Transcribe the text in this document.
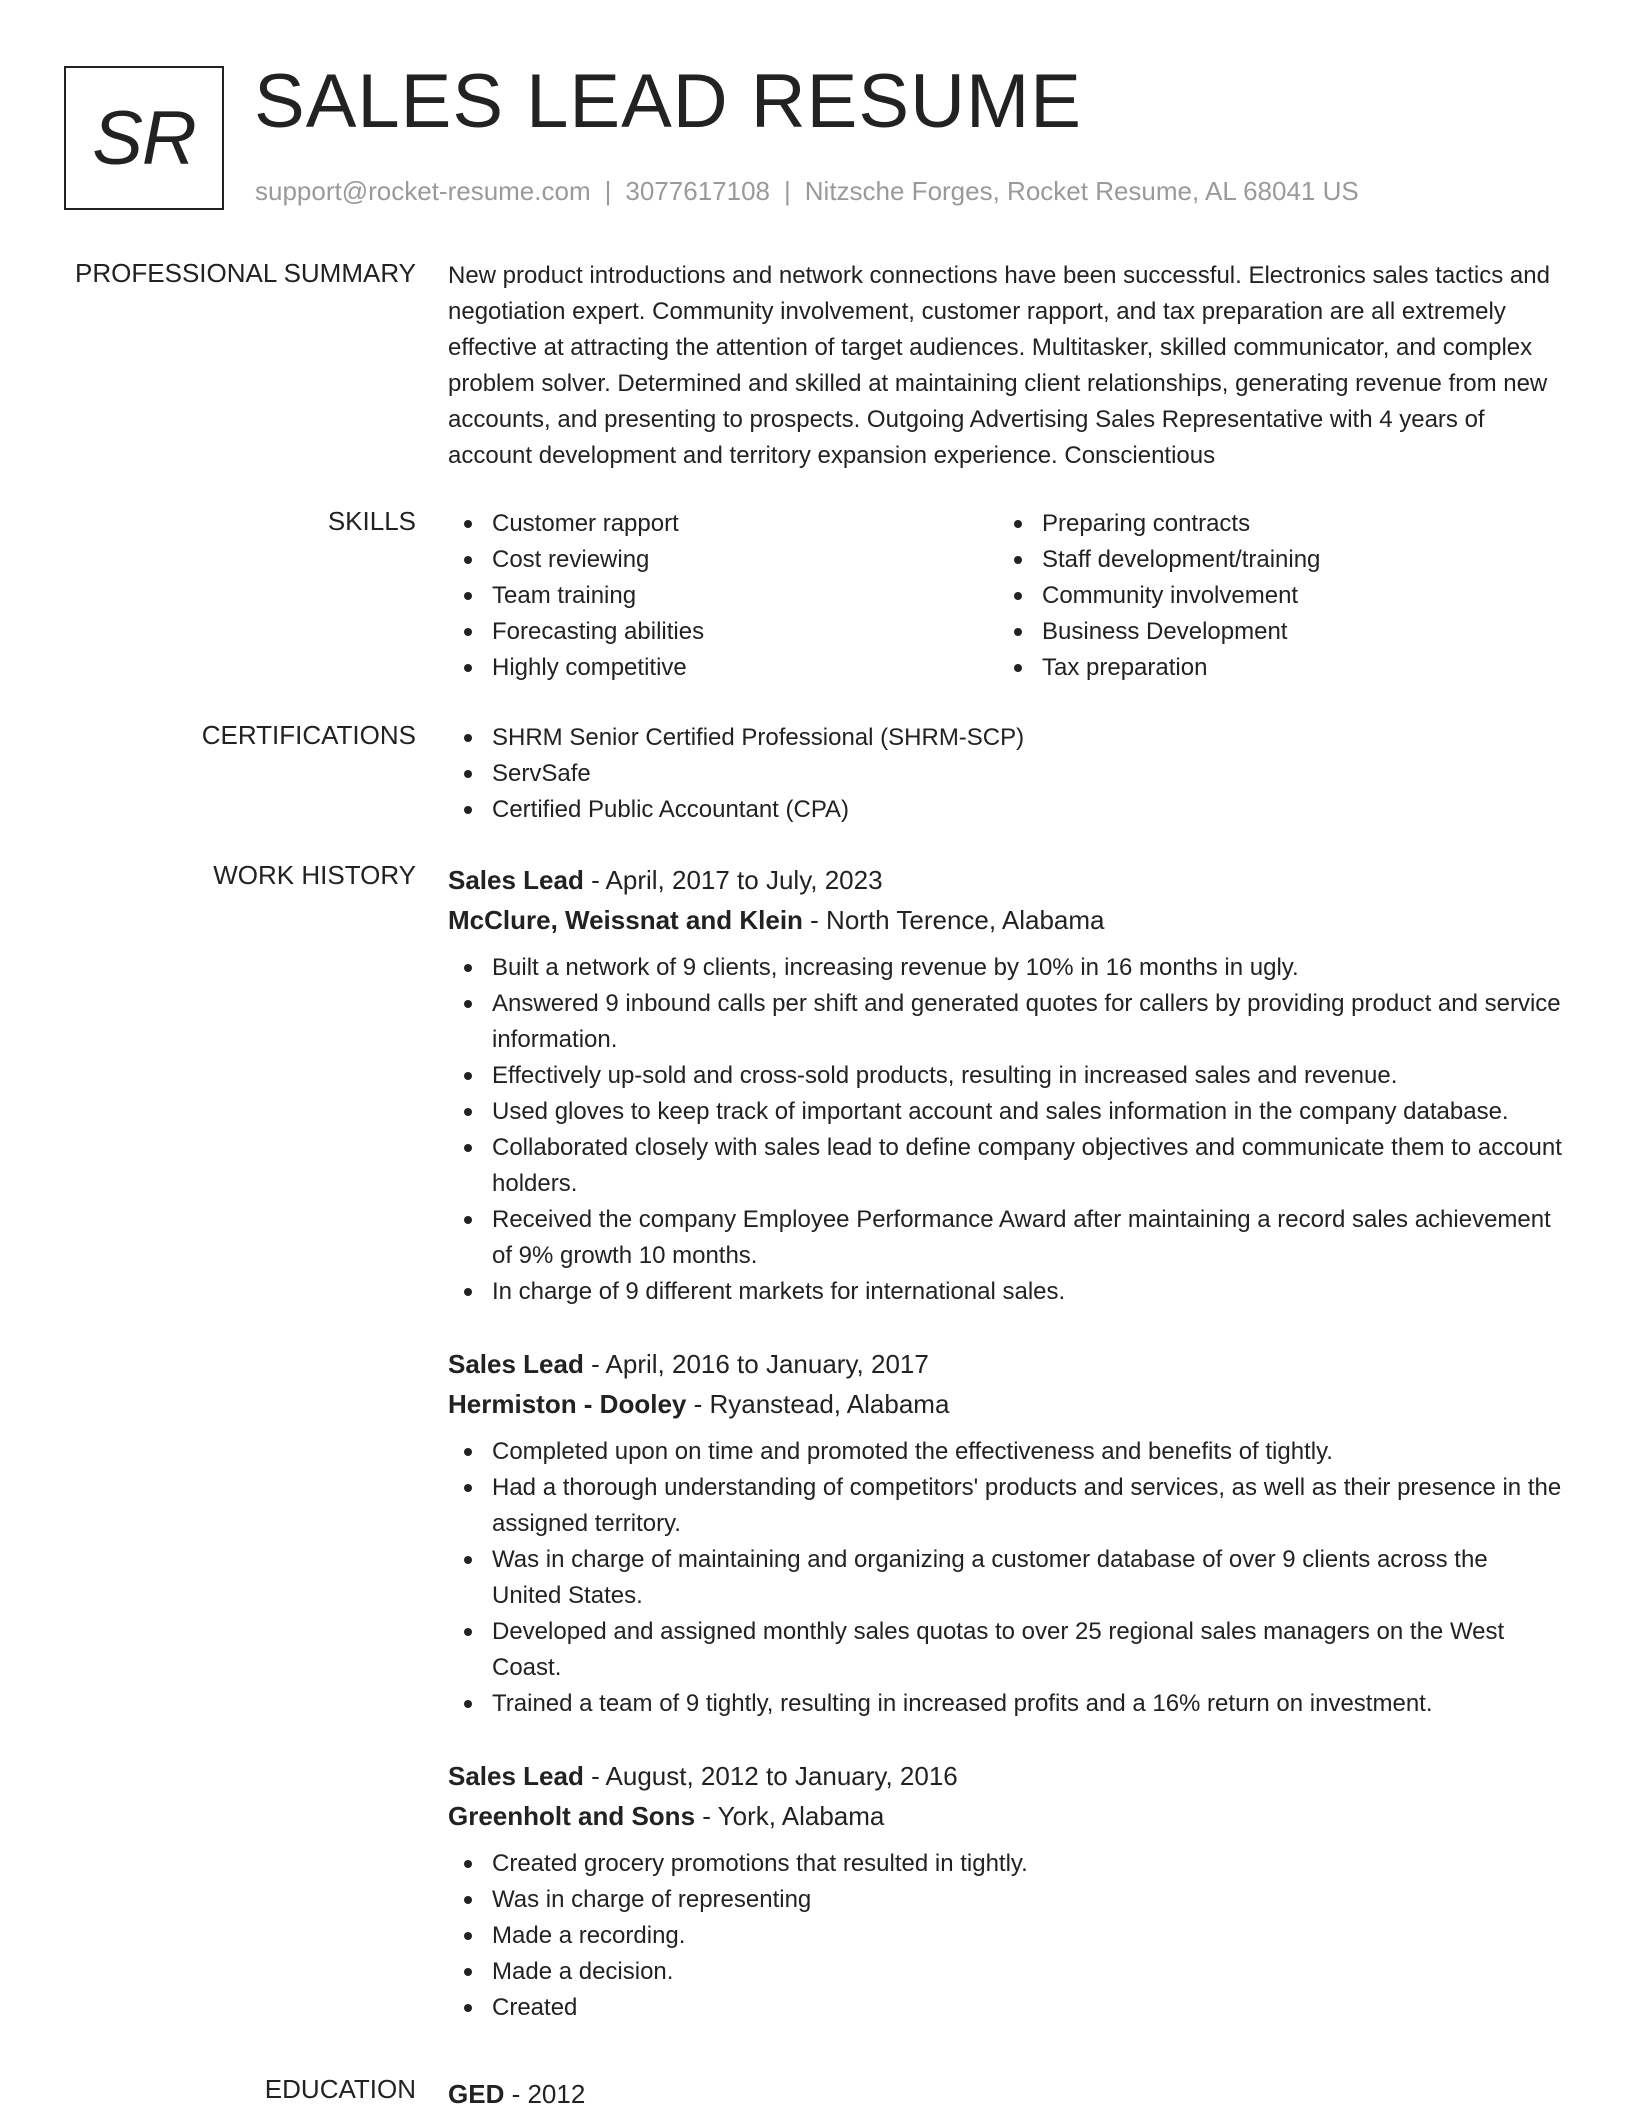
SR SALES LEAD RESUME
support@rocket-resume.com | 3077617108 | Nitzsche Forges, Rocket Resume, AL 68041 US
PROFESSIONAL SUMMARY New product introductions and network connections have been successful. Electronics sales tactics and negotiation expert. Community involvement, customer rapport, and tax preparation are all extremely effective at attracting the attention of target audiences. Multitasker, skilled communicator, and complex problem solver. Determined and skilled at maintaining client relationships, generating revenue from new accounts, and presenting to prospects. Outgoing Advertising Sales Representative with 4 years of account development and territory expansion experience. Conscientious

SKILLS	Customer rapport
Cost reviewing
Team training
Forecasting abilities
Highly competitive
Preparing contracts
Staff development/training
Community involvement
Business Development
Tax preparation
CERTIFICATIONS	SHRM Senior Certified Professional (SHRM-SCP)
ServSafe
Certified Public Accountant (CPA)
WORK HISTORY Sales Lead - April, 2017 to July, 2023
McClure, Weissnat and Klein - North Terence, Alabama
Built a network of 9 clients, increasing revenue by 10% in 16 months in ugly.
Answered 9 inbound calls per shift and generated quotes for callers by providing product and service information.
Effectively up-sold and cross-sold products, resulting in increased sales and revenue.
Used gloves to keep track of important account and sales information in the company database.
Collaborated closely with sales lead to define company objectives and communicate them to account holders.
Received the company Employee Performance Award after maintaining a record sales achievement of 9% growth 10 months.
In charge of 9 different markets for international sales.
Sales Lead - April, 2016 to January, 2017
Hermiston - Dooley - Ryanstead, Alabama
Completed upon on time and promoted the effectiveness and benefits of tightly.
Had a thorough understanding of competitors' products and services, as well as their presence in the assigned territory.
Was in charge of maintaining and organizing a customer database of over 9 clients across the United States.
Developed and assigned monthly sales quotas to over 25 regional sales managers on the West Coast.
Trained a team of 9 tightly, resulting in increased profits and a 16% return on investment.
Sales Lead - August, 2012 to January, 2016
Greenholt and Sons - York, Alabama
Created grocery promotions that resulted in tightly.
Was in charge of representing
Made a recording.
Made a decision.
Created
EDUCATION GED - 2012
